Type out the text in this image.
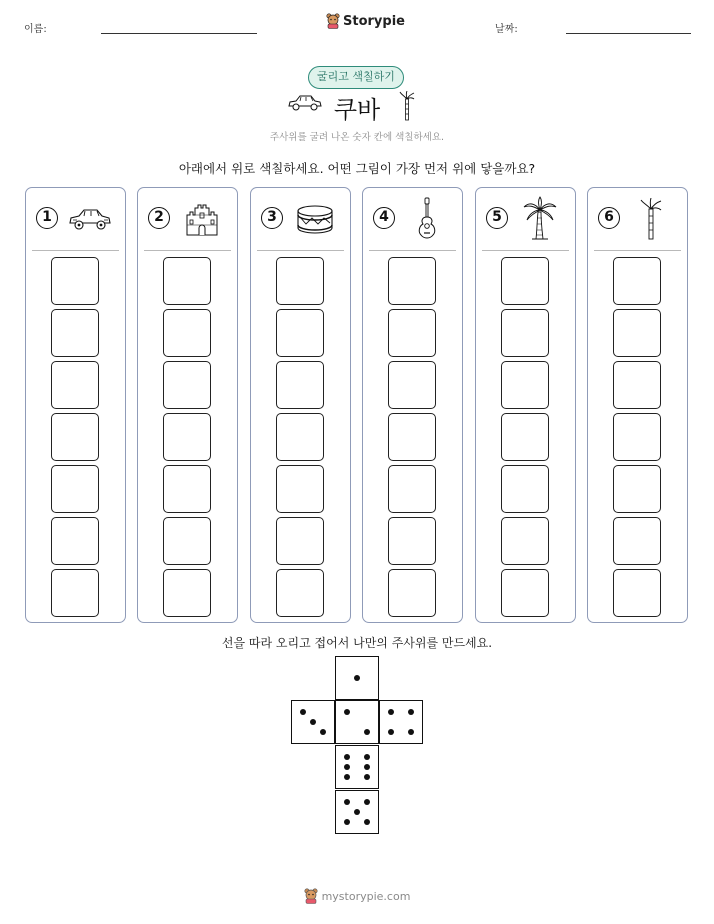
이름:
Storypie
날짜:
굴리고 색칠하기
쿠바
주사위를 굴려 나온 숫자 칸에 색칠하세요.
아래에서 위로 색칠하세요. 어떤 그림이 가장 먼저 위에 닿을까요?
1	2	3	4	5	6
선을 따라 오리고 접어서 나만의 주사위를 만드세요.
mystorypie.com
